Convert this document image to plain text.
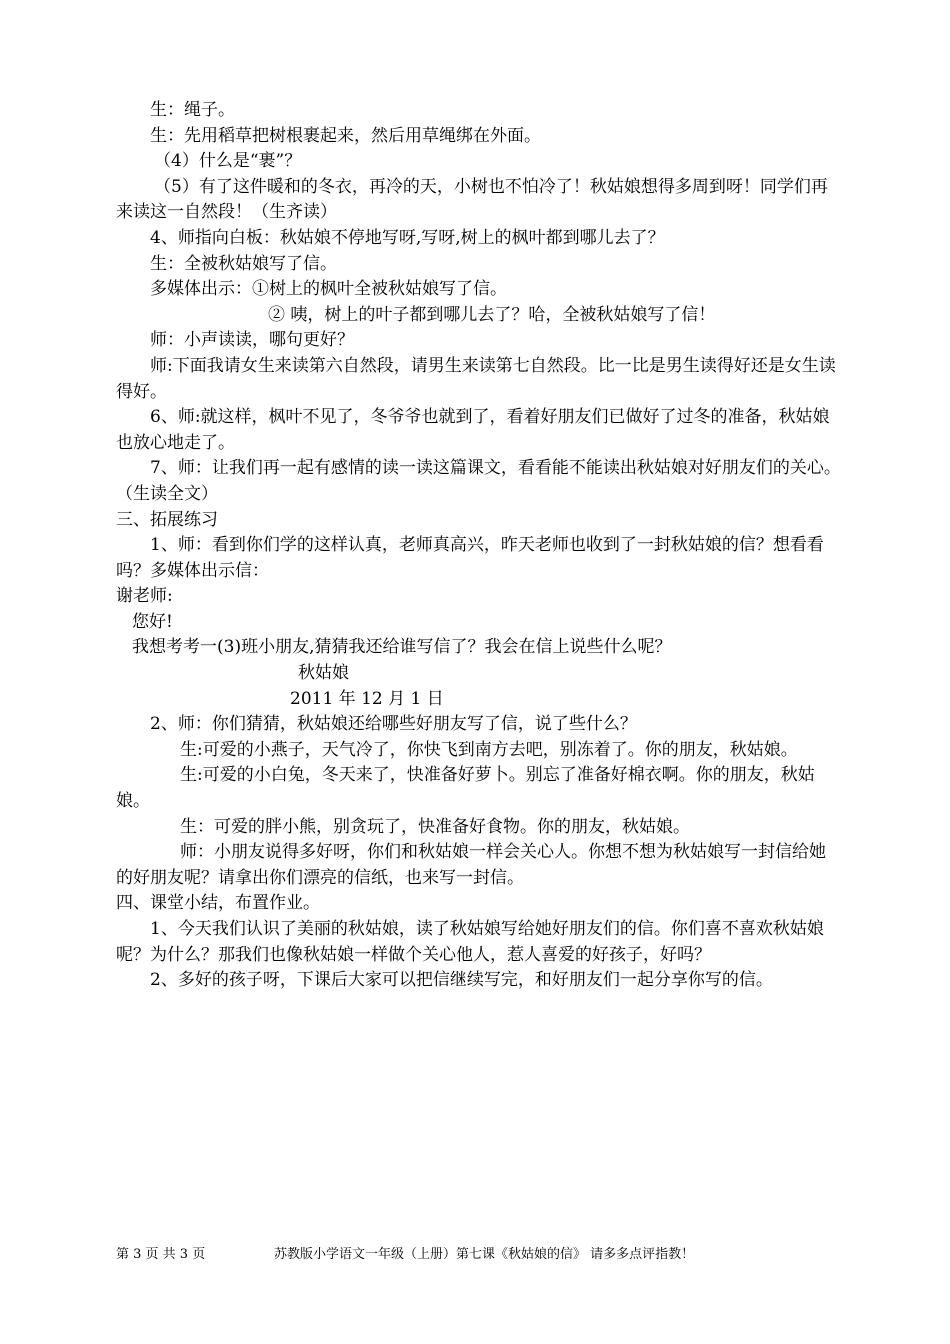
生：绳子。

生：先用稻草把树根裹起来，然后用草绳绑在外面。

（4）什么是“裹”？

（5）有了这件暖和的冬衣，再冷的天，小树也不怕冷了！秋姑娘想得多周到呀！同学们再来读这一自然段！（生齐读）

4、师指向白板：秋姑娘不停地写呀,写呀,树上的枫叶都到哪儿去了？

生：全被秋姑娘写了信。

多媒体出示：①树上的枫叶全被秋姑娘写了信。

② 咦，树上的叶子都到哪儿去了？哈，全被秋姑娘写了信！

师：小声读读，哪句更好？

师:下面我请女生来读第六自然段，请男生来读第七自然段。比一比是男生读得好还是女生读得好。

6、师:就这样，枫叶不见了，冬爷爷也就到了，看着好朋友们已做好了过冬的准备，秋姑娘也放心地走了。

7、师：让我们再一起有感情的读一读这篇课文，看看能不能读出秋姑娘对好朋友们的关心。（生读全文）

三、拓展练习

1、师：看到你们学的这样认真，老师真高兴，昨天老师也收到了一封秋姑娘的信？想看看吗？多媒体出示信：

谢老师:

您好!

我想考考一(3)班小朋友,猜猜我还给谁写信了？我会在信上说些什么呢？

秋姑娘

2011 年 12 月 1 日

2、师：你们猜猜，秋姑娘还给哪些好朋友写了信，说了些什么？

生:可爱的小燕子，天气冷了，你快飞到南方去吧，别冻着了。你的朋友，秋姑娘。

生:可爱的小白兔，冬天来了，快准备好萝卜。别忘了准备好棉衣啊。你的朋友，秋姑娘。

生：可爱的胖小熊，别贪玩了，快准备好食物。你的朋友，秋姑娘。

师：小朋友说得多好呀，你们和秋姑娘一样会关心人。你想不想为秋姑娘写一封信给她的好朋友呢？请拿出你们漂亮的信纸，也来写一封信。

四、课堂小结，布置作业。

1、今天我们认识了美丽的秋姑娘，读了秋姑娘写给她好朋友们的信。你们喜不喜欢秋姑娘呢？为什么？那我们也像秋姑娘一样做个关心他人，惹人喜爱的好孩子，好吗？

2、多好的孩子呀，下课后大家可以把信继续写完，和好朋友们一起分享你写的信。

第 3 页 共 3 页	苏教版小学语文一年级（上册）第七课《秋姑娘的信》 请多多点评指教！
